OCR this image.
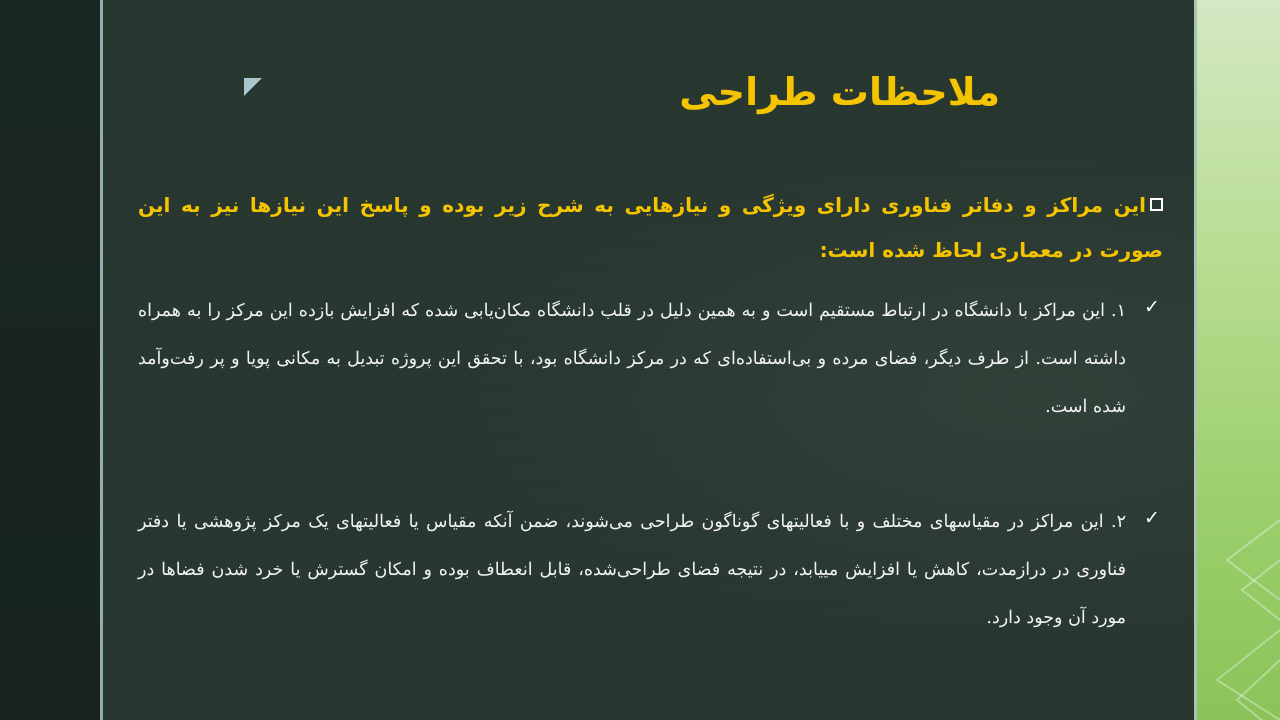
ملاحظات طراحی

این مراکز و دفاتر فناوری دارای ویژگی و نیازهایی به شرح زیر بوده و پاسخ این نیازها نیز به این صورت در معماری لحاظ شده است:

✓
۱. این مراکز با دانشگاه در ارتباط مستقیم است و به همین دلیل در قلب دانشگاه مکان‌یابی شده که افزایش بازده این مرکز را به همراه داشته است. از طرف دیگر، فضای مرده و بی‌استفاده‌ای که در مرکز دانشگاه بود، با تحقق این پروژه تبدیل به مکانی پویا و پر رفت‌وآمد شده است.
✓
۲. این مراکز در مقیاسهای مختلف و با فعالیتهای گوناگون طراحی می‌شوند، ضمن آنکه مقیاس یا فعالیتهای یک مرکز پژوهشی یا دفتر فناوری در درازمدت، کاهش یا افزایش مییابد، در نتیجه فضای طراحی‌شده، قابل انعطاف بوده و امکان گسترش یا خرد شدن فضاها در مورد آن وجود دارد.
